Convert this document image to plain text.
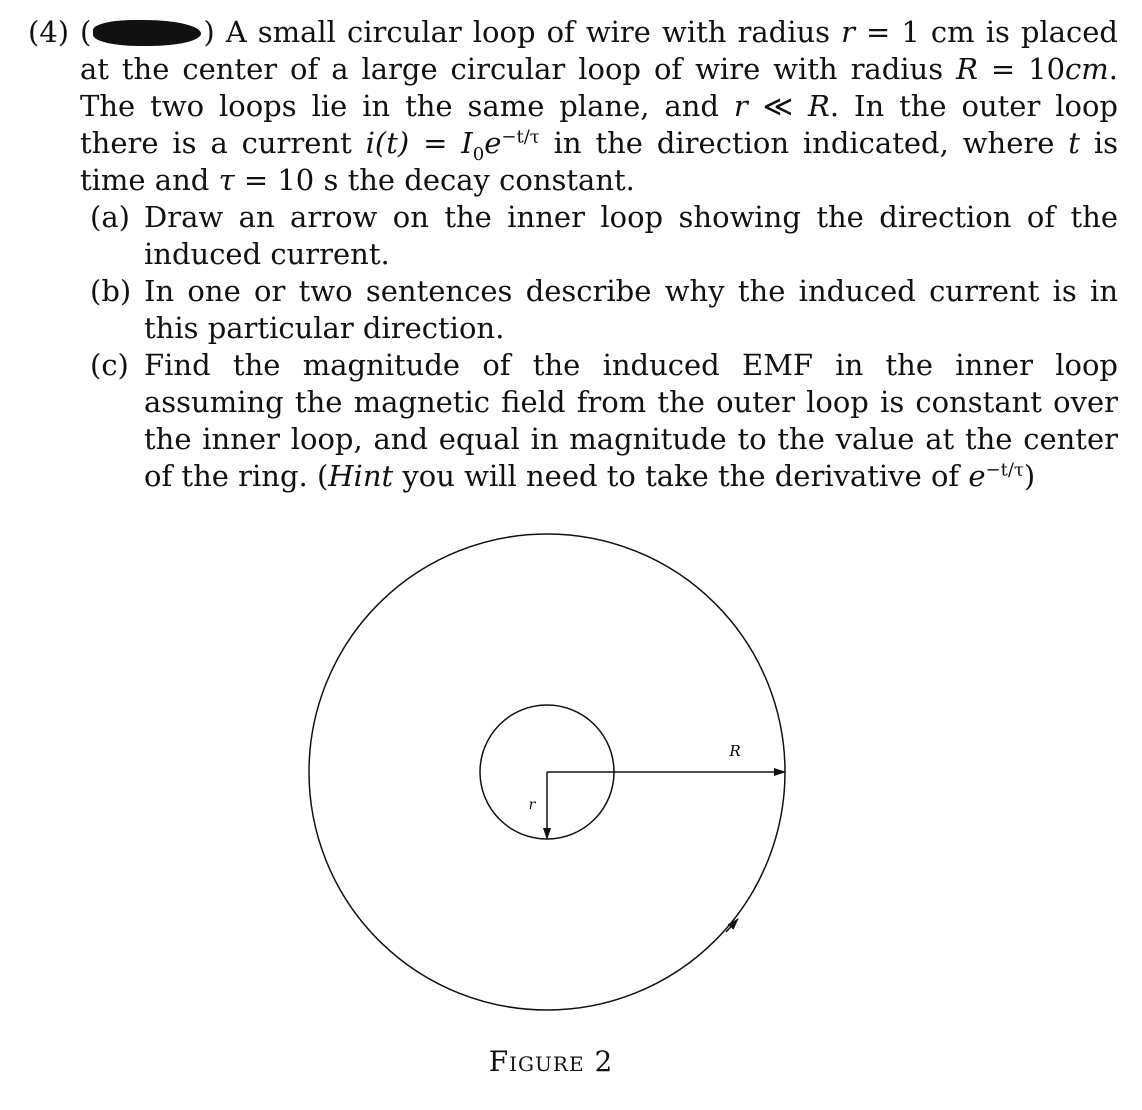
(4) (	) A small circular loop of wire with radius r = 1 cm is placed at the center of a large circular loop of wire with radius R = 10cm. The two loops lie in the same plane, and r ≪ R. In the outer loop there is a current $i(t) = I_0e^{-t/\tau}$ in the direction indicated, where t is time and τ = 10 s the decay constant.
(a) Draw an arrow on the inner loop showing the direction of the induced current.
(b) In one or two sentences describe why the induced current is in this particular direction.
(c) Find the magnitude of the induced EMF in the inner loop assuming the magnetic field from the outer loop is constant over the inner loop, and equal in magnitude to the value at the center of the ring. (Hint you will need to take the derivative of $e^{-t/\tau}$)
R
r
Figure 2
